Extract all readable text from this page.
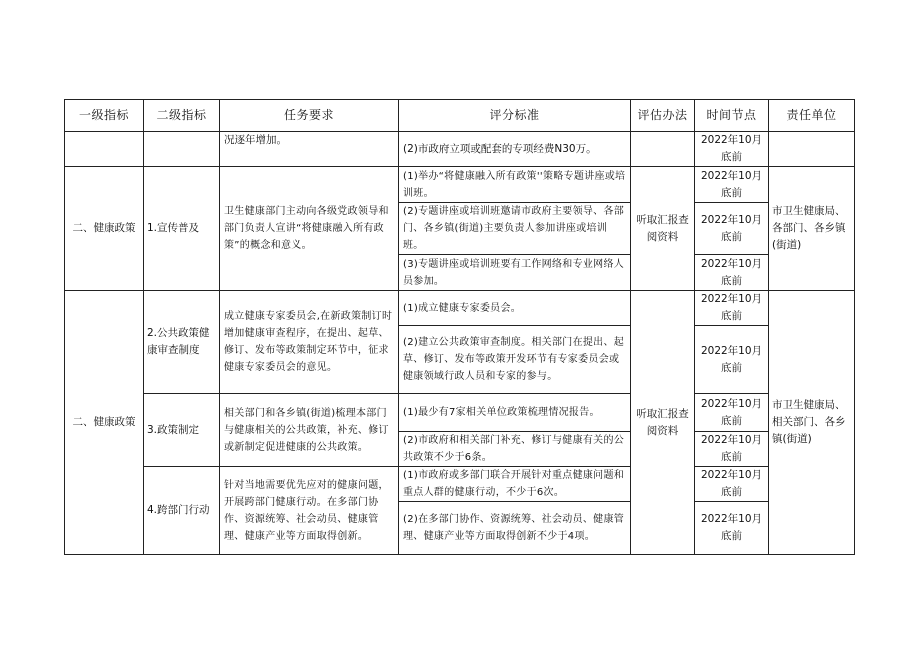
一级指标	二级指标	任务要求	评分标准	评估办法	时间节点	责任单位
		况逐年增加。	(2)市政府立项或配套的专项经费N30万。		2022年10月底前	
二、健康政策	1.宣传普及	卫生健康部门主动向各级党政领导和部门负责人宣讲“将健康融入所有政策”的概念和意义。	(1)举办“将健康融入所有政策''策略专题讲座或培训班。	听取汇报查阅资料	2022年10月底前	市卫生健康局、各部门、各乡镇(街道)
			(2)专题讲座或培训班邀请市政府主要领导、各部门、各乡镇(街道)主要负责人参加讲座或培训班。		2022年10月底前	
			(3)专题讲座或培训班要有工作网络和专业网络人员参加。		2022年10月底前	
二、健康政策	2.公共政策健康审查制度	成立健康专家委员会,在新政策制订时增加健康审查程序，在提出、起草、修订、发布等政策制定环节中，征求健康专家委员会的意见。	(1)成立健康专家委员会。	听取汇报查阅资料	2022年10月底前	市卫生健康局、相关部门、各乡镇(街道)
			(2)建立公共政策审查制度。相关部门在提出、起草、修订、发布等政策开发环节有专家委员会或健康领域行政人员和专家的参与。		2022年10月底前	
	3.政策制定	相关部门和各乡镇(街道)梳理本部门与健康相关的公共政策，补充、修订或新制定促进健康的公共政策。	(1)最少有7家相关单位政策梳理情况报告。		2022年10月底前	
			(2)市政府和相关部门补充、修订与健康有关的公共政策不少于6条。		2022年10月底前	
	4.跨部门行动	针对当地需要优先应对的健康问题，开展跨部门健康行动。在多部门协作、资源统筹、社会动员、健康管理、健康产业等方面取得创新。	(1)市政府或多部门联合开展针对重点健康问题和重点人群的健康行动，不少于6次。		2022年10月底前	
			(2)在多部门协作、资源统筹、社会动员、健康管理、健康产业等方面取得创新不少于4项。		2022年10月底前	
